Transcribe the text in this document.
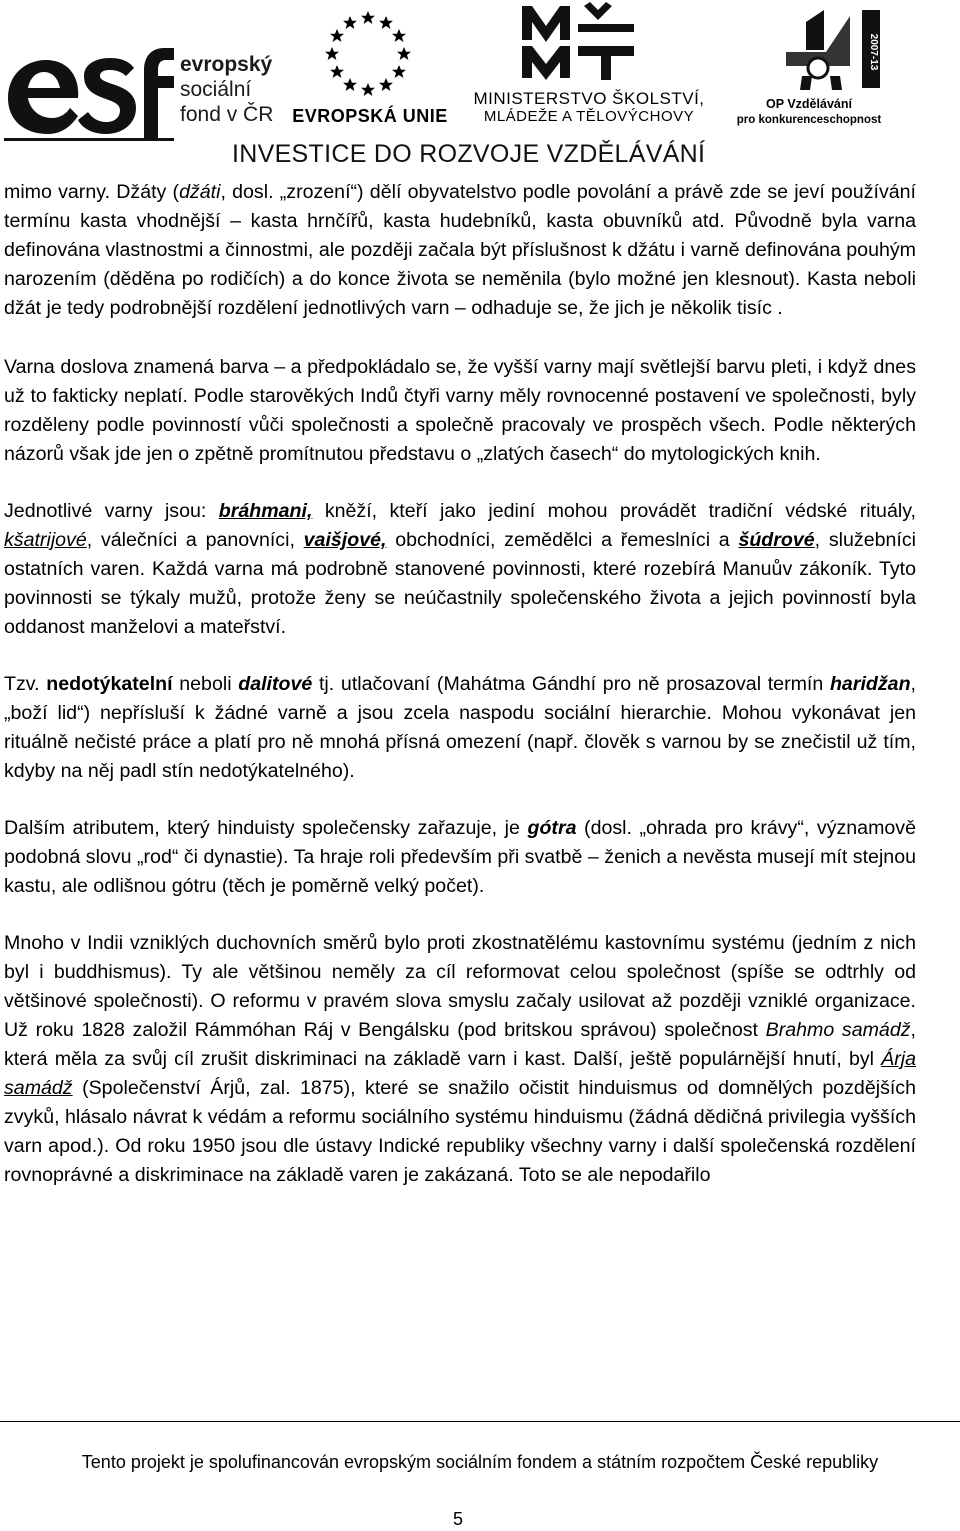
evropský
sociální
fond v ČR EVROPSKÁ UNIE
MINISTERSTVO ŠKOLSTVÍ,
MLÁDEŽE A TĚLOVÝCHOVY
2007-13
OP Vzdělávání
pro konkurenceschopnost
INVESTICE DO ROZVOJE VZDĚLÁVÁNÍ

mimo varny. Džáty (džáti, dosl. „zrození“) dělí obyvatelstvo podle povolání a právě zde se jeví používání termínu kasta vhodnější – kasta hrnčířů, kasta hudebníků, kasta obuvníků atd. Původně byla varna definována vlastnostmi a činnostmi, ale později začala být příslušnost k džátu i varně definována pouhým narozením (děděna po rodičích) a do konce života se neměnila (bylo možné jen klesnout). Kasta neboli džát je tedy podrobnější rozdělení jednotlivých varn – odhaduje se, že jich je několik tisíc .

Varna doslova znamená barva – a předpokládalo se, že vyšší varny mají světlejší barvu pleti, i když dnes už to fakticky neplatí. Podle starověkých Indů čtyři varny měly rovnocenné postavení ve společnosti, byly rozděleny podle povinností vůči společnosti a společně pracovaly ve prospěch všech. Podle některých názorů však jde jen o zpětně promítnutou představu o „zlatých časech“ do mytologických knih.

Jednotlivé varny jsou: bráhmani, kněží, kteří jako jediní mohou provádět tradiční védské rituály, kšatrijové, válečníci a panovníci, vaišjové, obchodníci, zemědělci a řemeslníci a šúdrové, služebníci ostatních varen. Každá varna má podrobně stanovené povinnosti, které rozebírá Manuův zákoník. Tyto povinnosti se týkaly mužů, protože ženy se neúčastnily společenského života a jejich povinností byla oddanost manželovi a mateřství.

Tzv. nedotýkatelní neboli dalitové tj. utlačovaní (Mahátma Gándhí pro ně prosazoval termín haridžan, „boží lid“) nepřísluší k žádné varně a jsou zcela naspodu sociální hierarchie. Mohou vykonávat jen rituálně nečisté práce a platí pro ně mnohá přísná omezení (např. člověk s varnou by se znečistil už tím, kdyby na něj padl stín nedotýkatelného).

Dalším atributem, který hinduisty společensky zařazuje, je gótra (dosl. „ohrada pro krávy“, významově podobná slovu „rod“ či dynastie). Ta hraje roli především při svatbě – ženich a nevěsta musejí mít stejnou kastu, ale odlišnou gótru (těch je poměrně velký počet).

Mnoho v Indii vzniklých duchovních směrů bylo proti zkostnatělému kastovnímu systému (jedním z nich byl i buddhismus). Ty ale většinou neměly za cíl reformovat celou společnost (spíše se odtrhly od většinové společnosti). O reformu v pravém slova smyslu začaly usilovat až později vzniklé organizace. Už roku 1828 založil Rámmóhan Ráj v Bengálsku (pod britskou správou) společnost Brahmo samádž, která měla za svůj cíl zrušit diskriminaci na základě varn i kast. Další, ještě populárnější hnutí, byl Árja samádž (Společenství Árjů, zal. 1875), které se snažilo očistit hinduismus od domnělých pozdějších zvyků, hlásalo návrat k védám a reformu sociálního systému hinduismu (žádná dědičná privilegia vyšších varn apod.). Od roku 1950 jsou dle ústavy Indické republiky všechny varny i další společenská rozdělení rovnoprávné a diskriminace na základě varen je zakázaná. Toto se ale nepodařilo

Tento projekt je spolufinancován evropským sociálním fondem a státním rozpočtem České republiky
5
